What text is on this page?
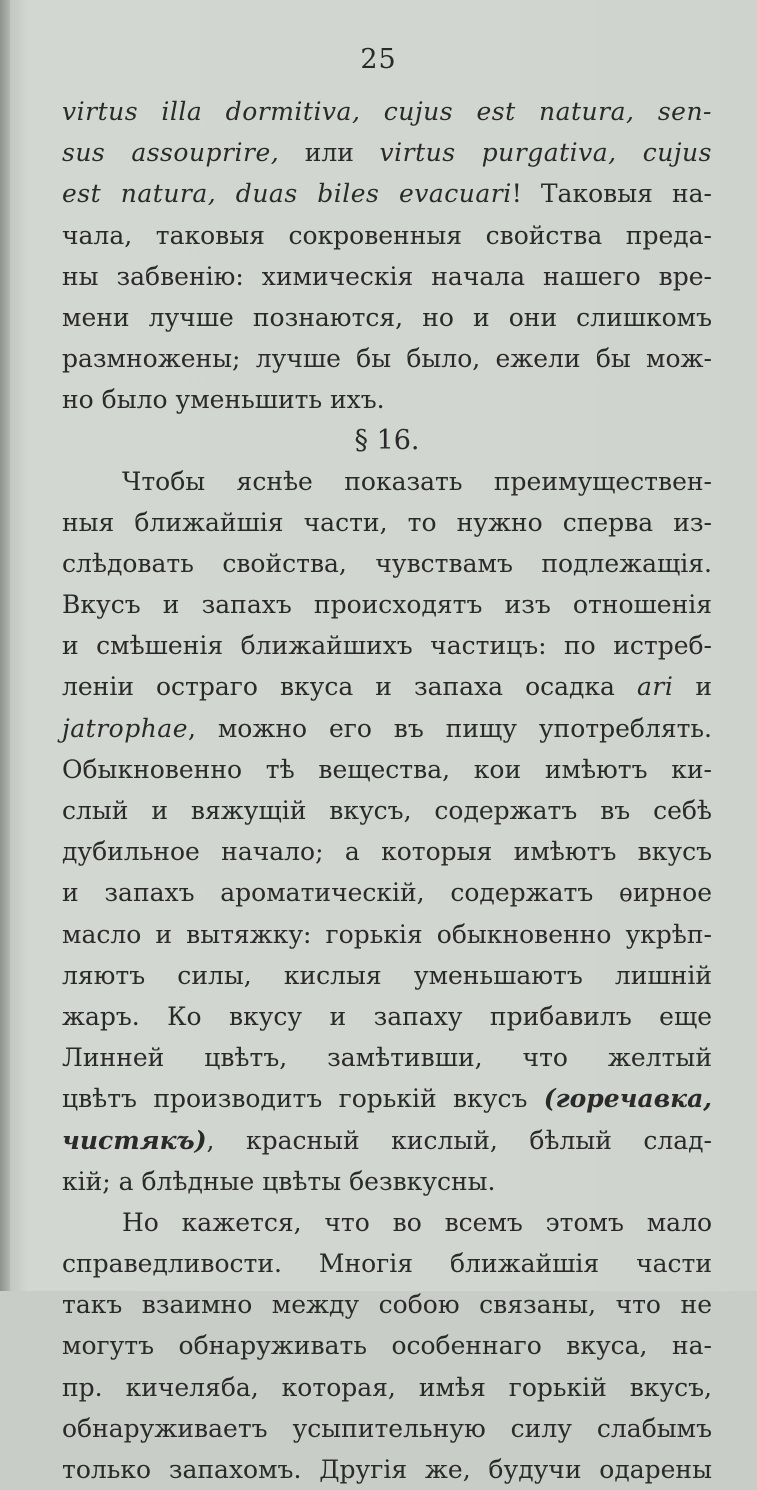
25
virtus illa dormitiva, cujus est natura, sen-
sus assouprire, или virtus purgativa, cujus
est natura, duas biles evacuari! Таковыя на-
чала, таковыя сокровенныя свойства преда-
ны забвенію: химическія начала нашего вре-
мени лучше познаются, но и они слишкомъ
размножены; лучше бы было, ежели бы мож-
но было уменьшить ихъ.
§ 16.
Чтобы яснѣе показать преимуществен-
ныя ближайшія части, то нужно сперва из-
слѣдовать свойства, чувствамъ подлежащія.
Вкусъ и запахъ происходятъ изъ отношенія
и смѣшенія ближайшихъ частицъ: по истреб-
леніи остраго вкуса и запаха осадка ari и
jatrophae, можно его въ пищу употреблять.
Обыкновенно тѣ вещества, кои имѣютъ ки-
слый и вяжущій вкусъ, содержатъ въ себѣ
дубильное начало; а которыя имѣютъ вкусъ
и запахъ ароматическій, содержатъ ѳирное
масло и вытяжку: горькія обыкновенно укрѣп-
ляютъ силы, кислыя уменьшаютъ лишній
жаръ. Ко вкусу и запаху прибавилъ еще
Линней цвѣтъ, замѣтивши, что желтый
цвѣтъ производитъ горькій вкусъ (горечавка,
чистякъ), красный кислый, бѣлый слад-
кій; а блѣдные цвѣты безвкусны.
Но кажется, что во всемъ этомъ мало
справедливости. Многія ближайшія части
такъ взаимно между собою связаны, что не
могутъ обнаруживать особеннаго вкуса, на-
пр. кичеляба, которая, имѣя горькій вкусъ,
обнаруживаетъ усыпительную силу слабымъ
только запахомъ. Другія же, будучи одарены
